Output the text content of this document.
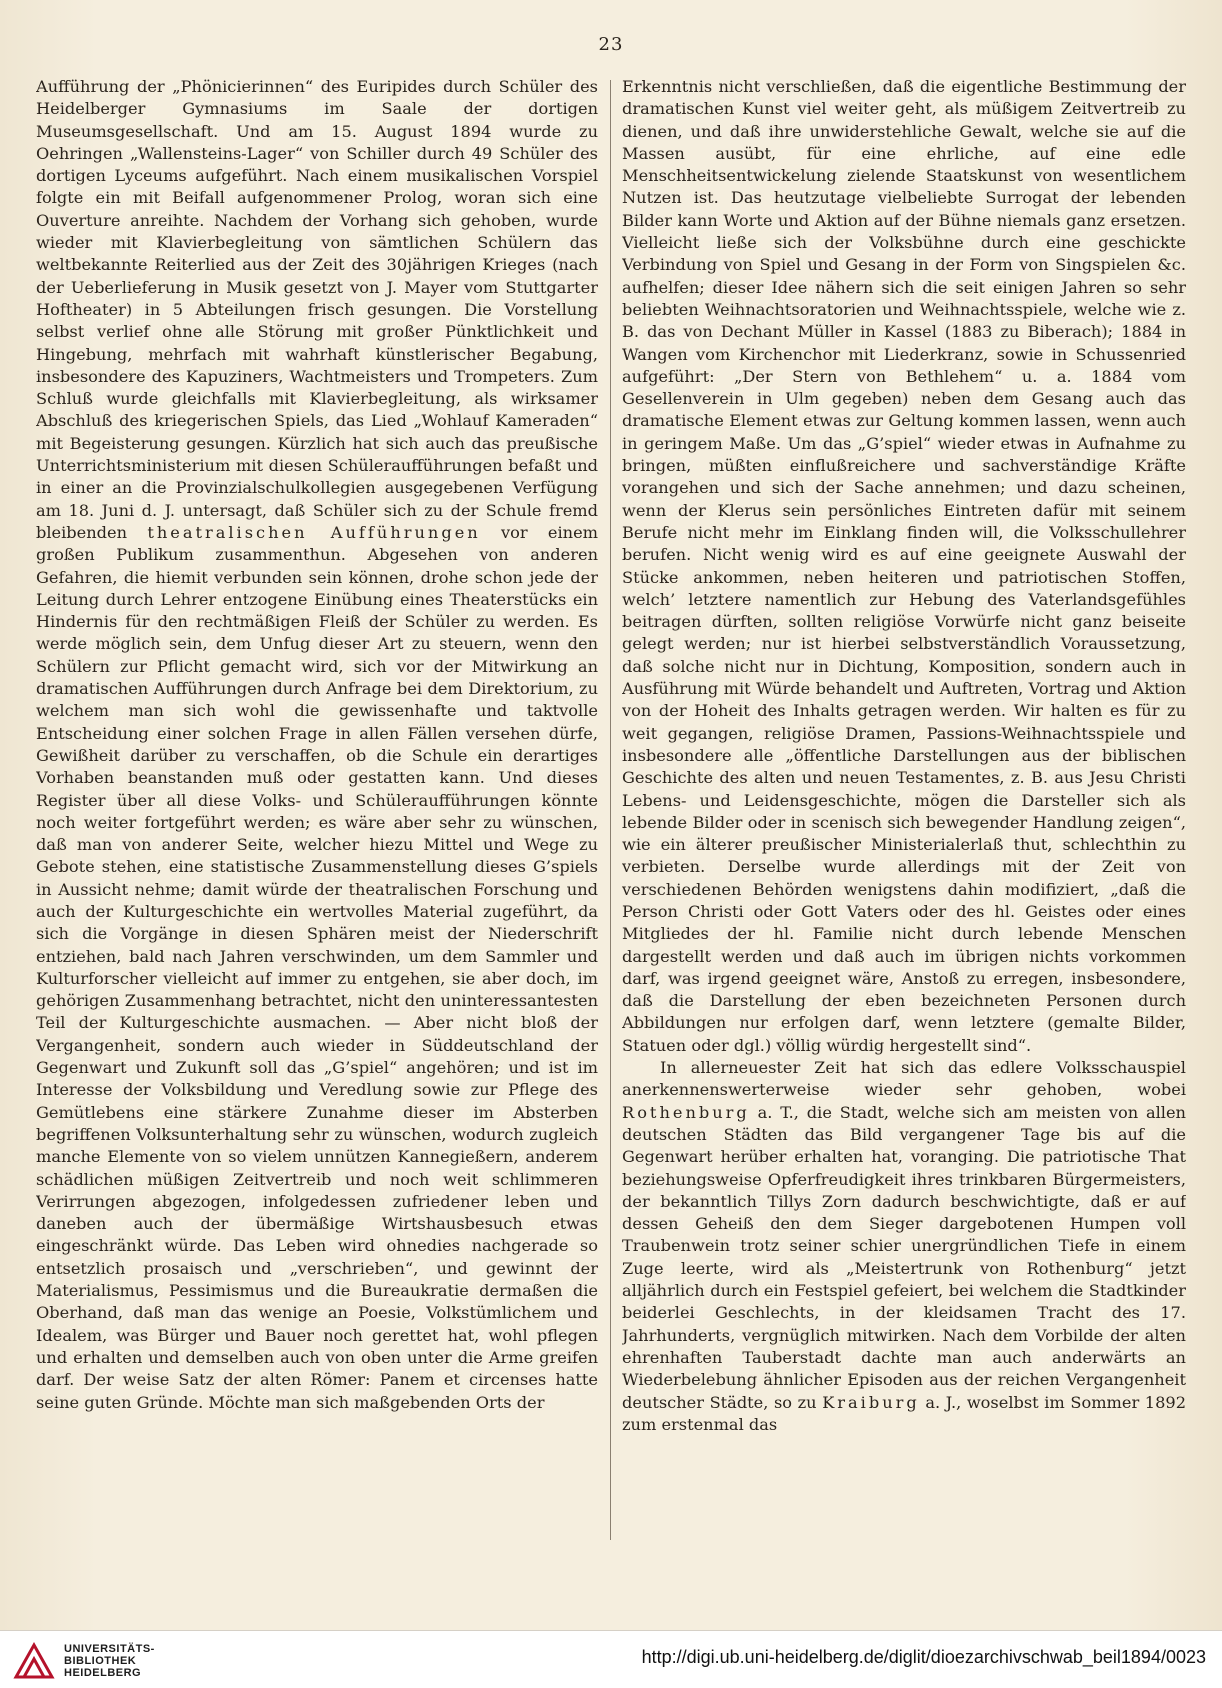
23

Aufführung der „Phönicierinnen“ des Euripides durch Schüler des Heidelberger Gymnasiums im Saale der dortigen Museumsgesellschaft. Und am 15. August 1894 wurde zu Oehringen „Wallensteins-Lager“ von Schiller durch 49 Schüler des dortigen Lyceums aufgeführt. Nach einem musikalischen Vorspiel folgte ein mit Beifall aufgenommener Prolog, woran sich eine Ouverture anreihte. Nachdem der Vorhang sich gehoben, wurde wieder mit Klavierbegleitung von sämtlichen Schülern das weltbekannte Reiterlied aus der Zeit des 30jährigen Krieges (nach der Ueberlieferung in Musik gesetzt von J. Mayer vom Stuttgarter Hoftheater) in 5 Abteilungen frisch gesungen. Die Vorstellung selbst verlief ohne alle Störung mit großer Pünktlichkeit und Hingebung, mehrfach mit wahrhaft künstlerischer Begabung, insbesondere des Kapuziners, Wachtmeisters und Trompeters. Zum Schluß wurde gleichfalls mit Klavierbegleitung, als wirksamer Abschluß des kriegerischen Spiels, das Lied „Wohlauf Kameraden“ mit Begeisterung gesungen. Kürzlich hat sich auch das preußische Unterrichtsministerium mit diesen Schüleraufführungen befaßt und in einer an die Provinzialschulkollegien ausgegebenen Verfügung am 18. Juni d. J. untersagt, daß Schüler sich zu der Schule fremd bleibenden theatralischen Aufführungen vor einem großen Publikum zusammenthun. Abgesehen von anderen Gefahren, die hiemit verbunden sein können, drohe schon jede der Leitung durch Lehrer entzogene Einübung eines Theaterstücks ein Hindernis für den rechtmäßigen Fleiß der Schüler zu werden. Es werde möglich sein, dem Unfug dieser Art zu steuern, wenn den Schülern zur Pflicht gemacht wird, sich vor der Mitwirkung an dramatischen Aufführungen durch Anfrage bei dem Direktorium, zu welchem man sich wohl die gewissenhafte und taktvolle Entscheidung einer solchen Frage in allen Fällen versehen dürfe, Gewißheit darüber zu verschaffen, ob die Schule ein derartiges Vorhaben beanstanden muß oder gestatten kann. Und dieses Register über all diese Volks- und Schüleraufführungen könnte noch weiter fortgeführt werden; es wäre aber sehr zu wünschen, daß man von anderer Seite, welcher hiezu Mittel und Wege zu Gebote stehen, eine statistische Zusammenstellung dieses G’spiels in Aussicht nehme; damit würde der theatralischen Forschung und auch der Kulturgeschichte ein wertvolles Material zugeführt, da sich die Vorgänge in diesen Sphären meist der Niederschrift entziehen, bald nach Jahren verschwinden, um dem Sammler und Kulturforscher vielleicht auf immer zu entgehen, sie aber doch, im gehörigen Zusammenhang betrachtet, nicht den uninteressantesten Teil der Kulturgeschichte ausmachen. — Aber nicht bloß der Vergangenheit, sondern auch wieder in Süddeutschland der Gegenwart und Zukunft soll das „G’spiel“ angehören; und ist im Interesse der Volksbildung und Veredlung sowie zur Pflege des Gemütlebens eine stärkere Zunahme dieser im Absterben begriffenen Volksunterhaltung sehr zu wünschen, wodurch zugleich manche Elemente von so vielem unnützen Kannegießern, anderem schädlichen müßigen Zeitvertreib und noch weit schlimmeren Verirrungen abgezogen, infolgedessen zufriedener leben und daneben auch der übermäßige Wirtshausbesuch etwas eingeschränkt würde. Das Leben wird ohnedies nachgerade so entsetzlich prosaisch und „verschrieben“, und gewinnt der Materialismus, Pessimismus und die Bureaukratie dermaßen die Oberhand, daß man das wenige an Poesie, Volkstümlichem und Idealem, was Bürger und Bauer noch gerettet hat, wohl pflegen und erhalten und demselben auch von oben unter die Arme greifen darf. Der weise Satz der alten Römer: Panem et circenses hatte seine guten Gründe. Möchte man sich maßgebenden Orts der

Erkenntnis nicht verschließen, daß die eigentliche Bestimmung der dramatischen Kunst viel weiter geht, als müßigem Zeitvertreib zu dienen, und daß ihre unwiderstehliche Gewalt, welche sie auf die Massen ausübt, für eine ehrliche, auf eine edle Menschheitsentwickelung zielende Staatskunst von wesentlichem Nutzen ist. Das heutzutage vielbeliebte Surrogat der lebenden Bilder kann Worte und Aktion auf der Bühne niemals ganz ersetzen. Vielleicht ließe sich der Volksbühne durch eine geschickte Verbindung von Spiel und Gesang in der Form von Singspielen &c. aufhelfen; dieser Idee nähern sich die seit einigen Jahren so sehr beliebten Weihnachtsoratorien und Weihnachtsspiele, welche wie z. B. das von Dechant Müller in Kassel (1883 zu Biberach); 1884 in Wangen vom Kirchenchor mit Liederkranz, sowie in Schussenried aufgeführt: „Der Stern von Bethlehem“ u. a. 1884 vom Gesellenverein in Ulm gegeben) neben dem Gesang auch das dramatische Element etwas zur Geltung kommen lassen, wenn auch in geringem Maße. Um das „G’spiel“ wieder etwas in Aufnahme zu bringen, müßten einflußreichere und sachverständige Kräfte vorangehen und sich der Sache annehmen; und dazu scheinen, wenn der Klerus sein persönliches Eintreten dafür mit seinem Berufe nicht mehr im Einklang finden will, die Volksschullehrer berufen. Nicht wenig wird es auf eine geeignete Auswahl der Stücke ankommen, neben heiteren und patriotischen Stoffen, welch’ letztere namentlich zur Hebung des Vaterlandsgefühles beitragen dürften, sollten religiöse Vorwürfe nicht ganz beiseite gelegt werden; nur ist hierbei selbstverständlich Voraussetzung, daß solche nicht nur in Dichtung, Komposition, sondern auch in Ausführung mit Würde behandelt und Auftreten, Vortrag und Aktion von der Hoheit des Inhalts getragen werden. Wir halten es für zu weit gegangen, religiöse Dramen, Passions-Weihnachtsspiele und insbesondere alle „öffentliche Darstellungen aus der biblischen Geschichte des alten und neuen Testamentes, z. B. aus Jesu Christi Lebens- und Leidensgeschichte, mögen die Darsteller sich als lebende Bilder oder in scenisch sich bewegender Handlung zeigen“, wie ein älterer preußischer Ministerialerlaß thut, schlechthin zu verbieten. Derselbe wurde allerdings mit der Zeit von verschiedenen Behörden wenigstens dahin modifiziert, „daß die Person Christi oder Gott Vaters oder des hl. Geistes oder eines Mitgliedes der hl. Familie nicht durch lebende Menschen dargestellt werden und daß auch im übrigen nichts vorkommen darf, was irgend geeignet wäre, Anstoß zu erregen, insbesondere, daß die Darstellung der eben bezeichneten Personen durch Abbildungen nur erfolgen darf, wenn letztere (gemalte Bilder, Statuen oder dgl.) völlig würdig hergestellt sind“.

In allerneuester Zeit hat sich das edlere Volksschauspiel anerkennenswerterweise wieder sehr gehoben, wobei Rothenburg a. T., die Stadt, welche sich am meisten von allen deutschen Städten das Bild vergangener Tage bis auf die Gegenwart herüber erhalten hat, voranging. Die patriotische That beziehungsweise Opferfreudigkeit ihres trinkbaren Bürgermeisters, der bekanntlich Tillys Zorn dadurch beschwichtigte, daß er auf dessen Geheiß den dem Sieger dargebotenen Humpen voll Traubenwein trotz seiner schier unergründlichen Tiefe in einem Zuge leerte, wird als „Meistertrunk von Rothenburg“ jetzt alljährlich durch ein Festspiel gefeiert, bei welchem die Stadtkinder beiderlei Geschlechts, in der kleidsamen Tracht des 17. Jahrhunderts, vergnüglich mitwirken. Nach dem Vorbilde der alten ehrenhaften Tauberstadt dachte man auch anderwärts an Wiederbelebung ähnlicher Episoden aus der reichen Vergangenheit deutscher Städte, so zu Kraiburg a. J., woselbst im Sommer 1892 zum erstenmal das

UNIVERSITÄTS-
BIBLIOTHEK
HEIDELBERG
http://digi.ub.uni-heidelberg.de/diglit/dioezarchivschwab_beil1894/0023
